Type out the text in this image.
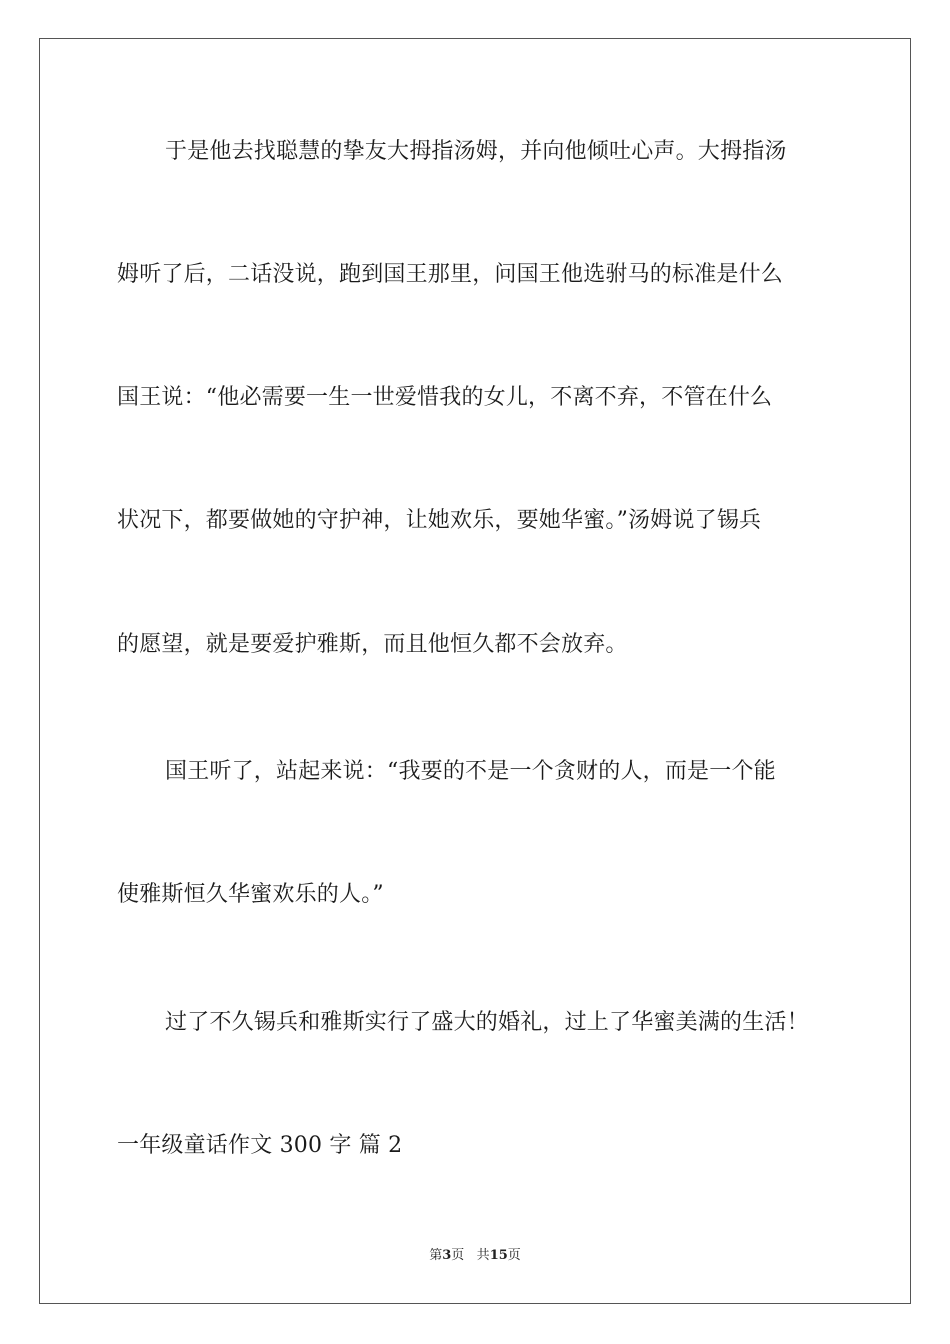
于是他去找聪慧的挚友大拇指汤姆，并向他倾吐心声。大拇指汤
姆听了后，二话没说，跑到国王那里，问国王他选驸马的标准是什么
国王说：“他必需要一生一世爱惜我的女儿，不离不弃，不管在什么
状况下，都要做她的守护神，让她欢乐，要她华蜜。”汤姆说了锡兵
的愿望，就是要爱护雅斯，而且他恒久都不会放弃。
国王听了，站起来说：“我要的不是一个贪财的人，而是一个能
使雅斯恒久华蜜欢乐的人。”
过了不久锡兵和雅斯实行了盛大的婚礼，过上了华蜜美满的生活！
一年级童话作文 300 字 篇 2
第3页 共15页
